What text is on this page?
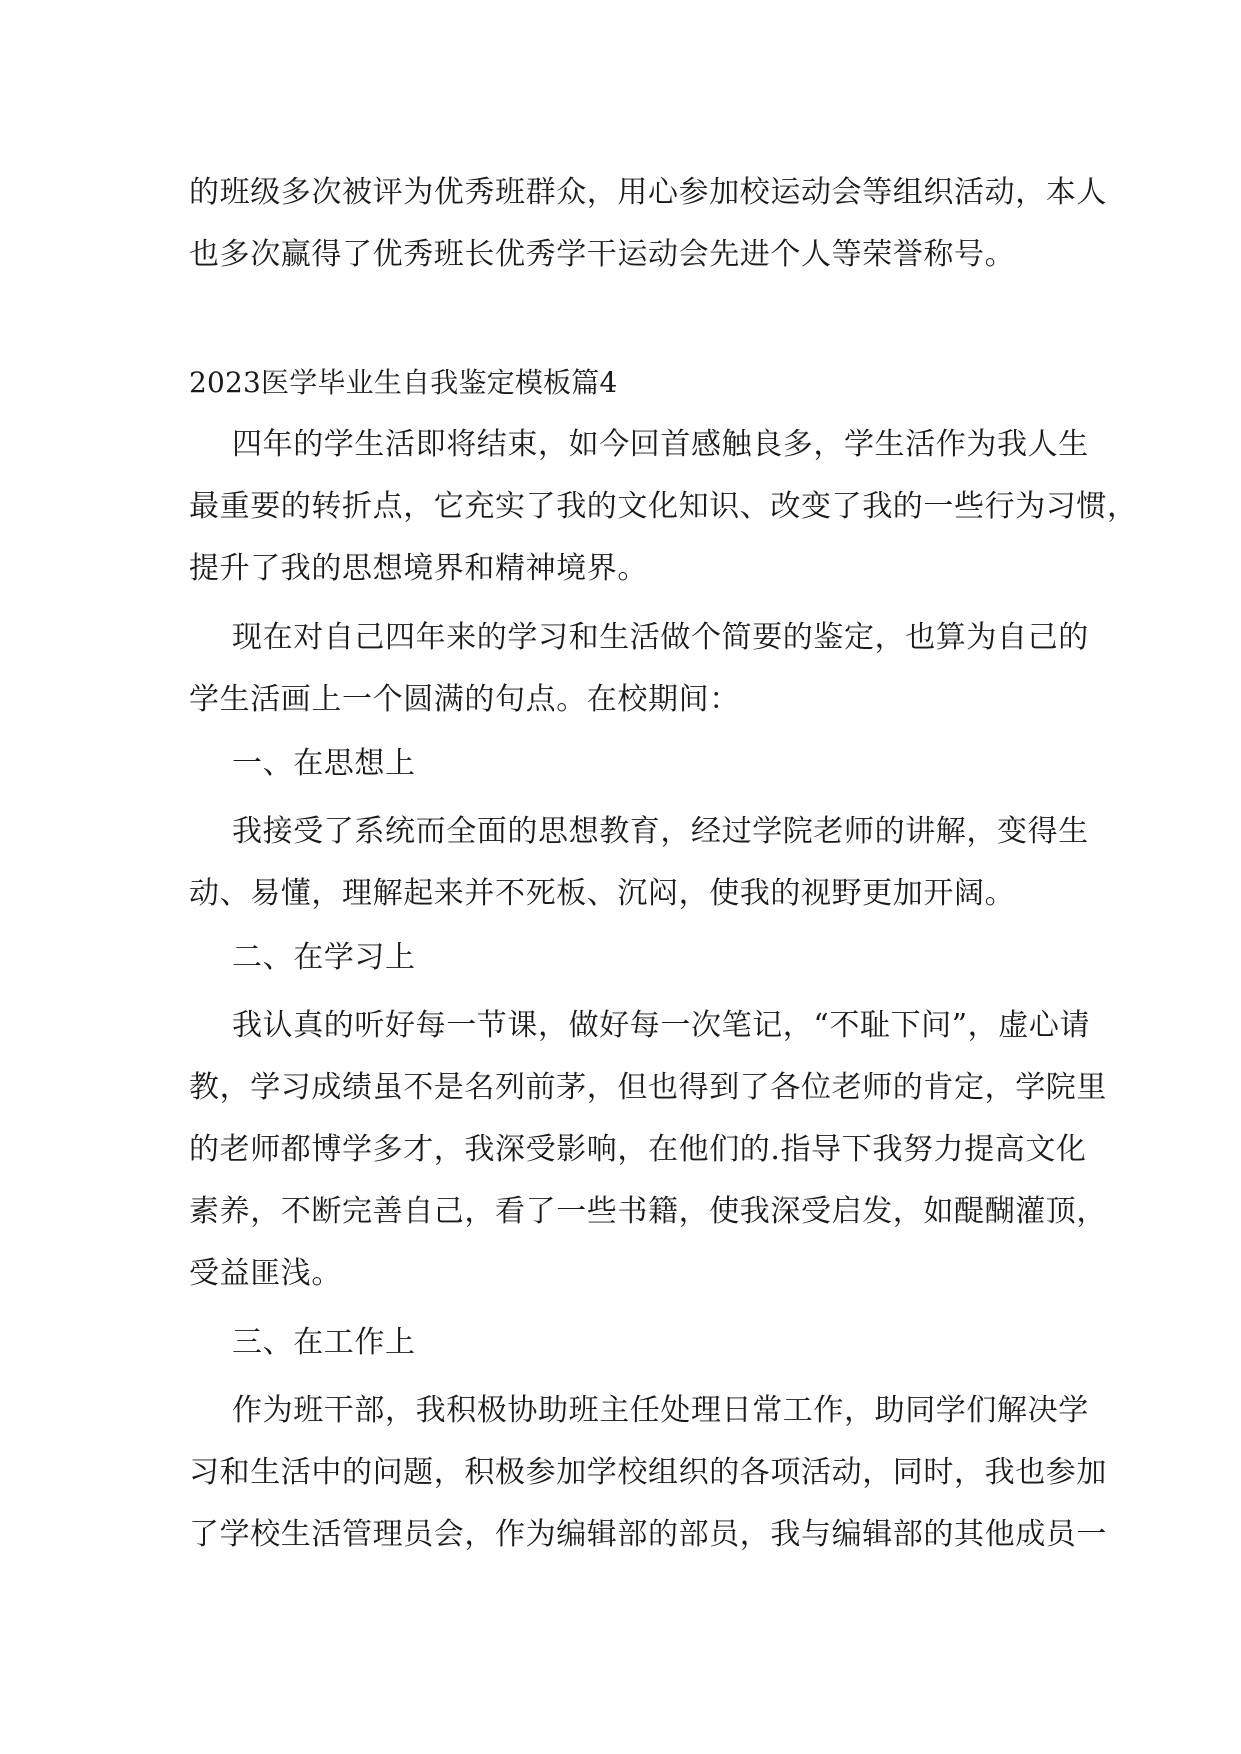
的班级多次被评为优秀班群众，用心参加校运动会等组织活动，本人
也多次赢得了优秀班长优秀学干运动会先进个人等荣誉称号。
2023医学毕业生自我鉴定模板篇4
四年的学生活即将结束，如今回首感触良多，学生活作为我人生
最重要的转折点，它充实了我的文化知识、改变了我的一些行为习惯，
提升了我的思想境界和精神境界。
现在对自己四年来的学习和生活做个简要的鉴定，也算为自己的
学生活画上一个圆满的句点。在校期间：
一、在思想上
我接受了系统而全面的思想教育，经过学院老师的讲解，变得生
动、易懂，理解起来并不死板、沉闷，使我的视野更加开阔。
二、在学习上
我认真的听好每一节课，做好每一次笔记，“不耻下问”，虚心请
教，学习成绩虽不是名列前茅，但也得到了各位老师的肯定，学院里
的老师都博学多才，我深受影响，在他们的.指导下我努力提高文化
素养，不断完善自己，看了一些书籍，使我深受启发，如醍醐灌顶，
受益匪浅。
三、在工作上
作为班干部，我积极协助班主任处理日常工作，助同学们解决学
习和生活中的问题，积极参加学校组织的各项活动，同时，我也参加
了学校生活管理员会，作为编辑部的部员，我与编辑部的其他成员一
